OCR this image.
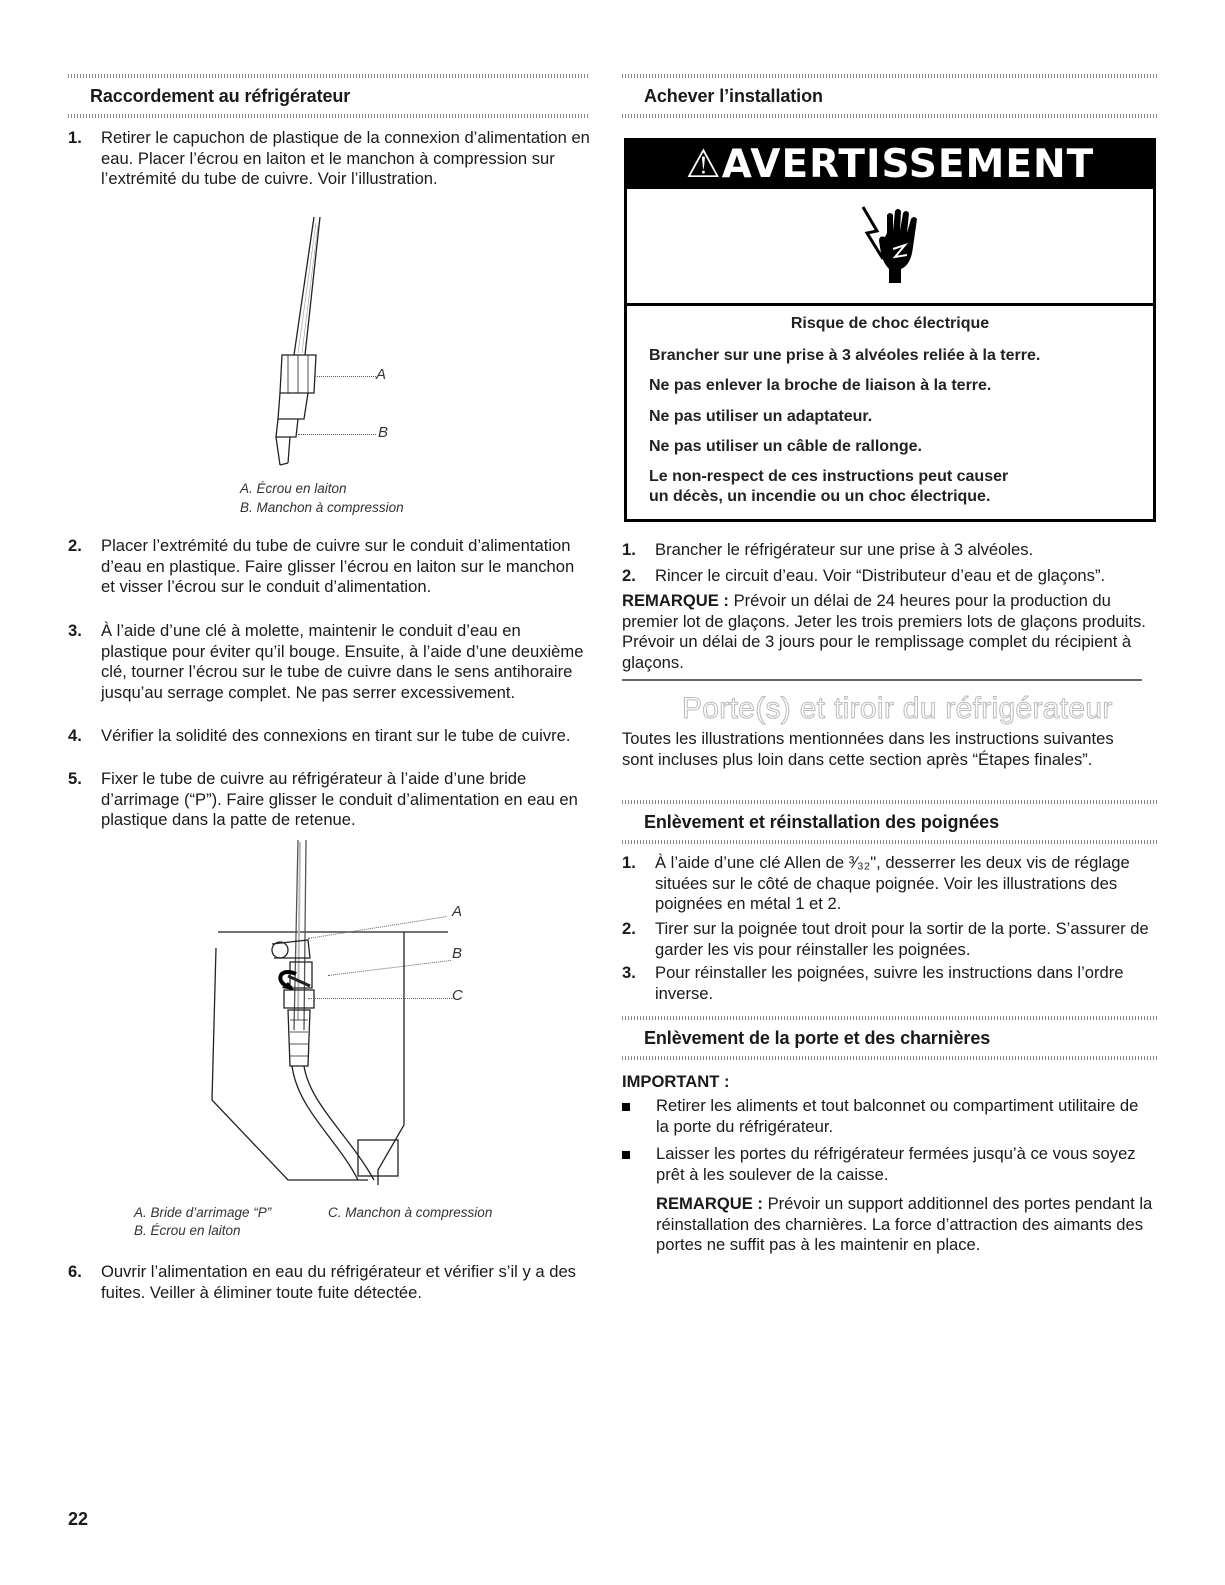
Raccordement au réfrigérateur
1. Retirer le capuchon de plastique de la connexion d’alimentation en eau. Placer l’écrou en laiton et le manchon à compression sur l’extrémité du tube de cuivre. Voir l’illustration.
A
B
A. Écrou en laiton
B. Manchon à compression
2. Placer l’extrémité du tube de cuivre sur le conduit d’alimentation d’eau en plastique. Faire glisser l’écrou en laiton sur le manchon et visser l’écrou sur le conduit d’alimentation.
3. À l’aide d’une clé à molette, maintenir le conduit d’eau en plastique pour éviter qu’il bouge. Ensuite, à l’aide d’une deuxième clé, tourner l’écrou sur le tube de cuivre dans le sens antihoraire jusqu’au serrage complet. Ne pas serrer excessivement.
4. Vérifier la solidité des connexions en tirant sur le tube de cuivre.
5. Fixer le tube de cuivre au réfrigérateur à l’aide d’une bride d’arrimage (“P”). Faire glisser le conduit d’alimentation en eau en plastique dans la patte de retenue.
A
B
C
A. Bride d’arrimage “P”
B. Écrou en laiton
C. Manchon à compression
6. Ouvrir l’alimentation en eau du réfrigérateur et vérifier s’il y a des fuites. Veiller à éliminer toute fuite détectée.
Achever l’installation
⚠AVERTISSEMENT
Risque de choc électrique
Brancher sur une prise à 3 alvéoles reliée à la terre.
Ne pas enlever la broche de liaison à la terre.
Ne pas utiliser un adaptateur.
Ne pas utiliser un câble de rallonge.
Le non-respect de ces instructions peut causer
un décès, un incendie ou un choc électrique.
1. Brancher le réfrigérateur sur une prise à 3 alvéoles.
2. Rincer le circuit d’eau. Voir “Distributeur d’eau et de glaçons”.
REMARQUE : Prévoir un délai de 24 heures pour la production du premier lot de glaçons. Jeter les trois premiers lots de glaçons produits. Prévoir un délai de 3 jours pour le remplissage complet du récipient à glaçons.
Porte(s) et tiroir du réfrigérateur
Toutes les illustrations mentionnées dans les instructions suivantes sont incluses plus loin dans cette section après “Étapes finales”.
Enlèvement et réinstallation des poignées
1. À l’aide d’une clé Allen de ³⁄₃₂", desserrer les deux vis de réglage situées sur le côté de chaque poignée. Voir les illustrations des poignées en métal 1 et 2.
2. Tirer sur la poignée tout droit pour la sortir de la porte. S’assurer de garder les vis pour réinstaller les poignées.
3. Pour réinstaller les poignées, suivre les instructions dans l’ordre inverse.
Enlèvement de la porte et des charnières
IMPORTANT :
Retirer les aliments et tout balconnet ou compartiment utilitaire de la porte du réfrigérateur.
Laisser les portes du réfrigérateur fermées jusqu’à ce vous soyez prêt à les soulever de la caisse.
REMARQUE : Prévoir un support additionnel des portes pendant la réinstallation des charnières. La force d’attraction des aimants des portes ne suffit pas à les maintenir en place.
22
